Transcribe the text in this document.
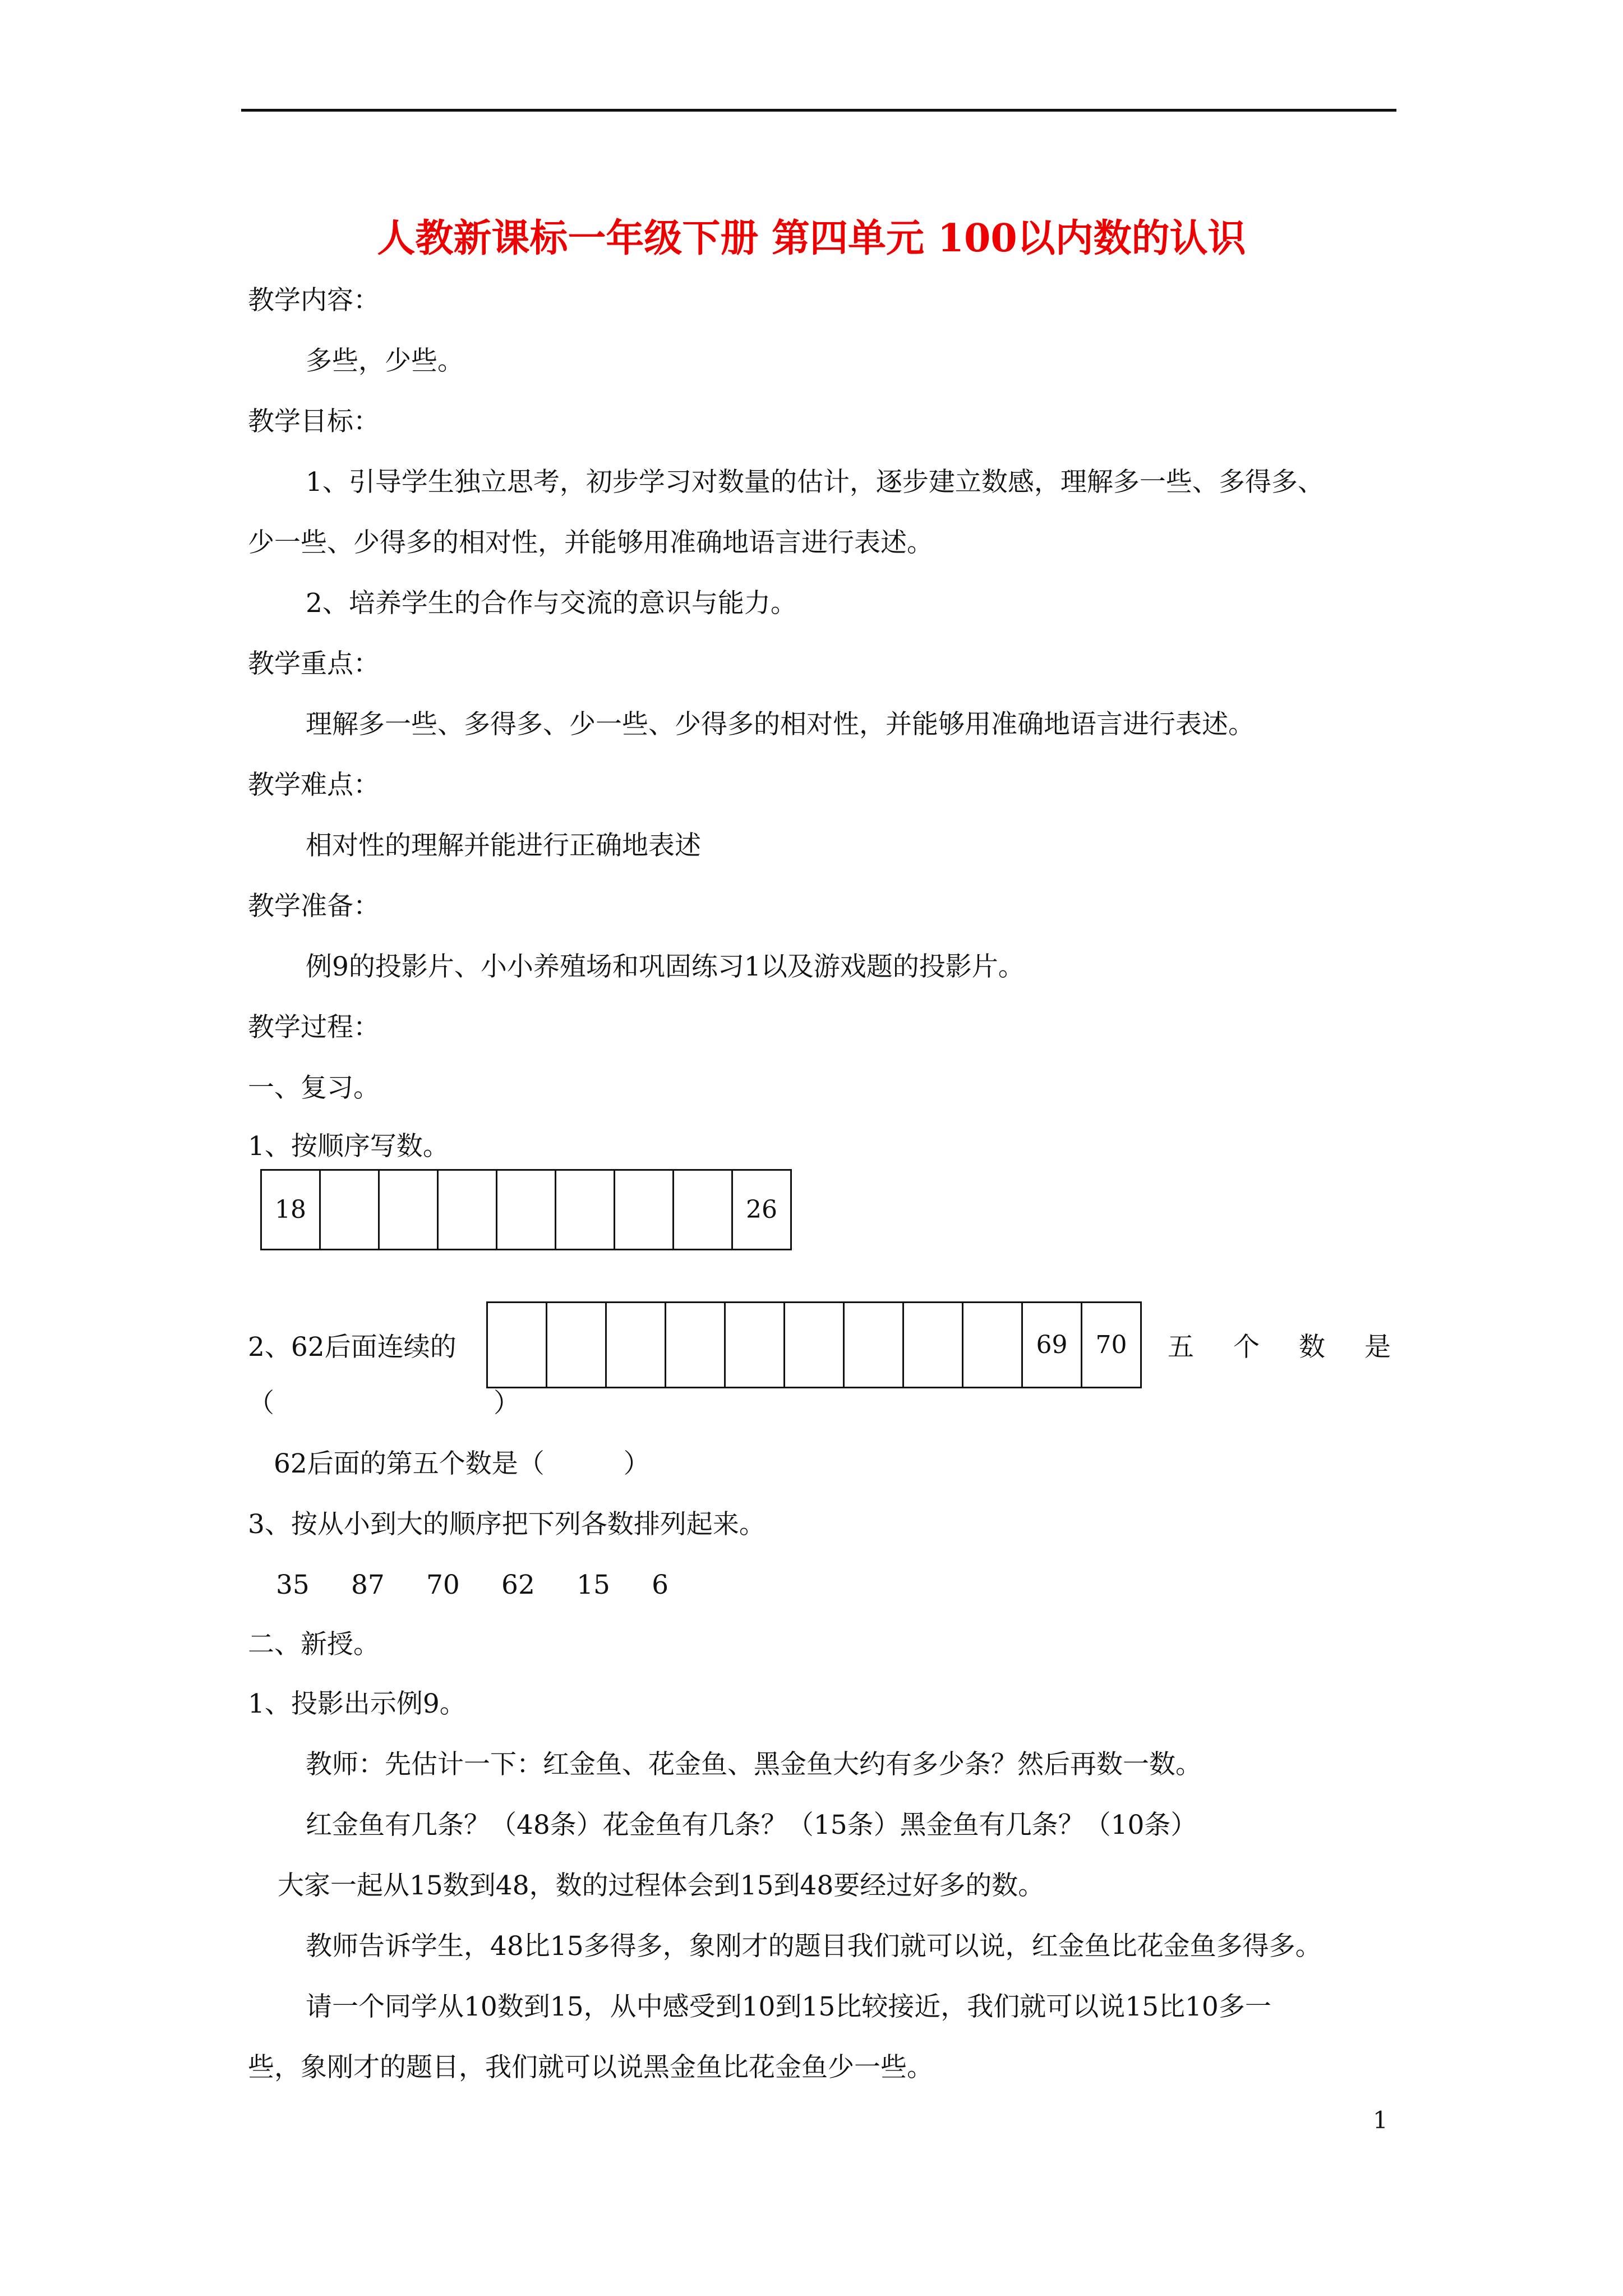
人教新课标一年级下册 第四单元 100以内数的认识
教学内容：
多些，少些。
教学目标：
1、引导学生独立思考，初步学习对数量的估计，逐步建立数感，理解多一些、多得多、
少一些、少得多的相对性，并能够用准确地语言进行表述。
2、培养学生的合作与交流的意识与能力。
教学重点：
理解多一些、多得多、少一些、少得多的相对性，并能够用准确地语言进行表述。
教学难点：
相对性的理解并能进行正确地表述
教学准备：
例9的投影片、小小养殖场和巩固练习1以及游戏题的投影片。
教学过程：
一、复习。
1、按顺序写数。
18	26
2、62后面连续的	69	70	五 个 数 是
（	）
62后面的第五个数是（　　　）
3、按从小到大的顺序把下列各数排列起来。
35 87 70 62 15 6
二、新授。
1、投影出示例9。
教师：先估计一下：红金鱼、花金鱼、黑金鱼大约有多少条？然后再数一数。
红金鱼有几条？（48条）花金鱼有几条？（15条）黑金鱼有几条？（10条）
大家一起从15数到48，数的过程体会到15到48要经过好多的数。
教师告诉学生，48比15多得多，象刚才的题目我们就可以说，红金鱼比花金鱼多得多。
请一个同学从10数到15，从中感受到10到15比较接近，我们就可以说15比10多一
些，象刚才的题目，我们就可以说黑金鱼比花金鱼少一些。
1
